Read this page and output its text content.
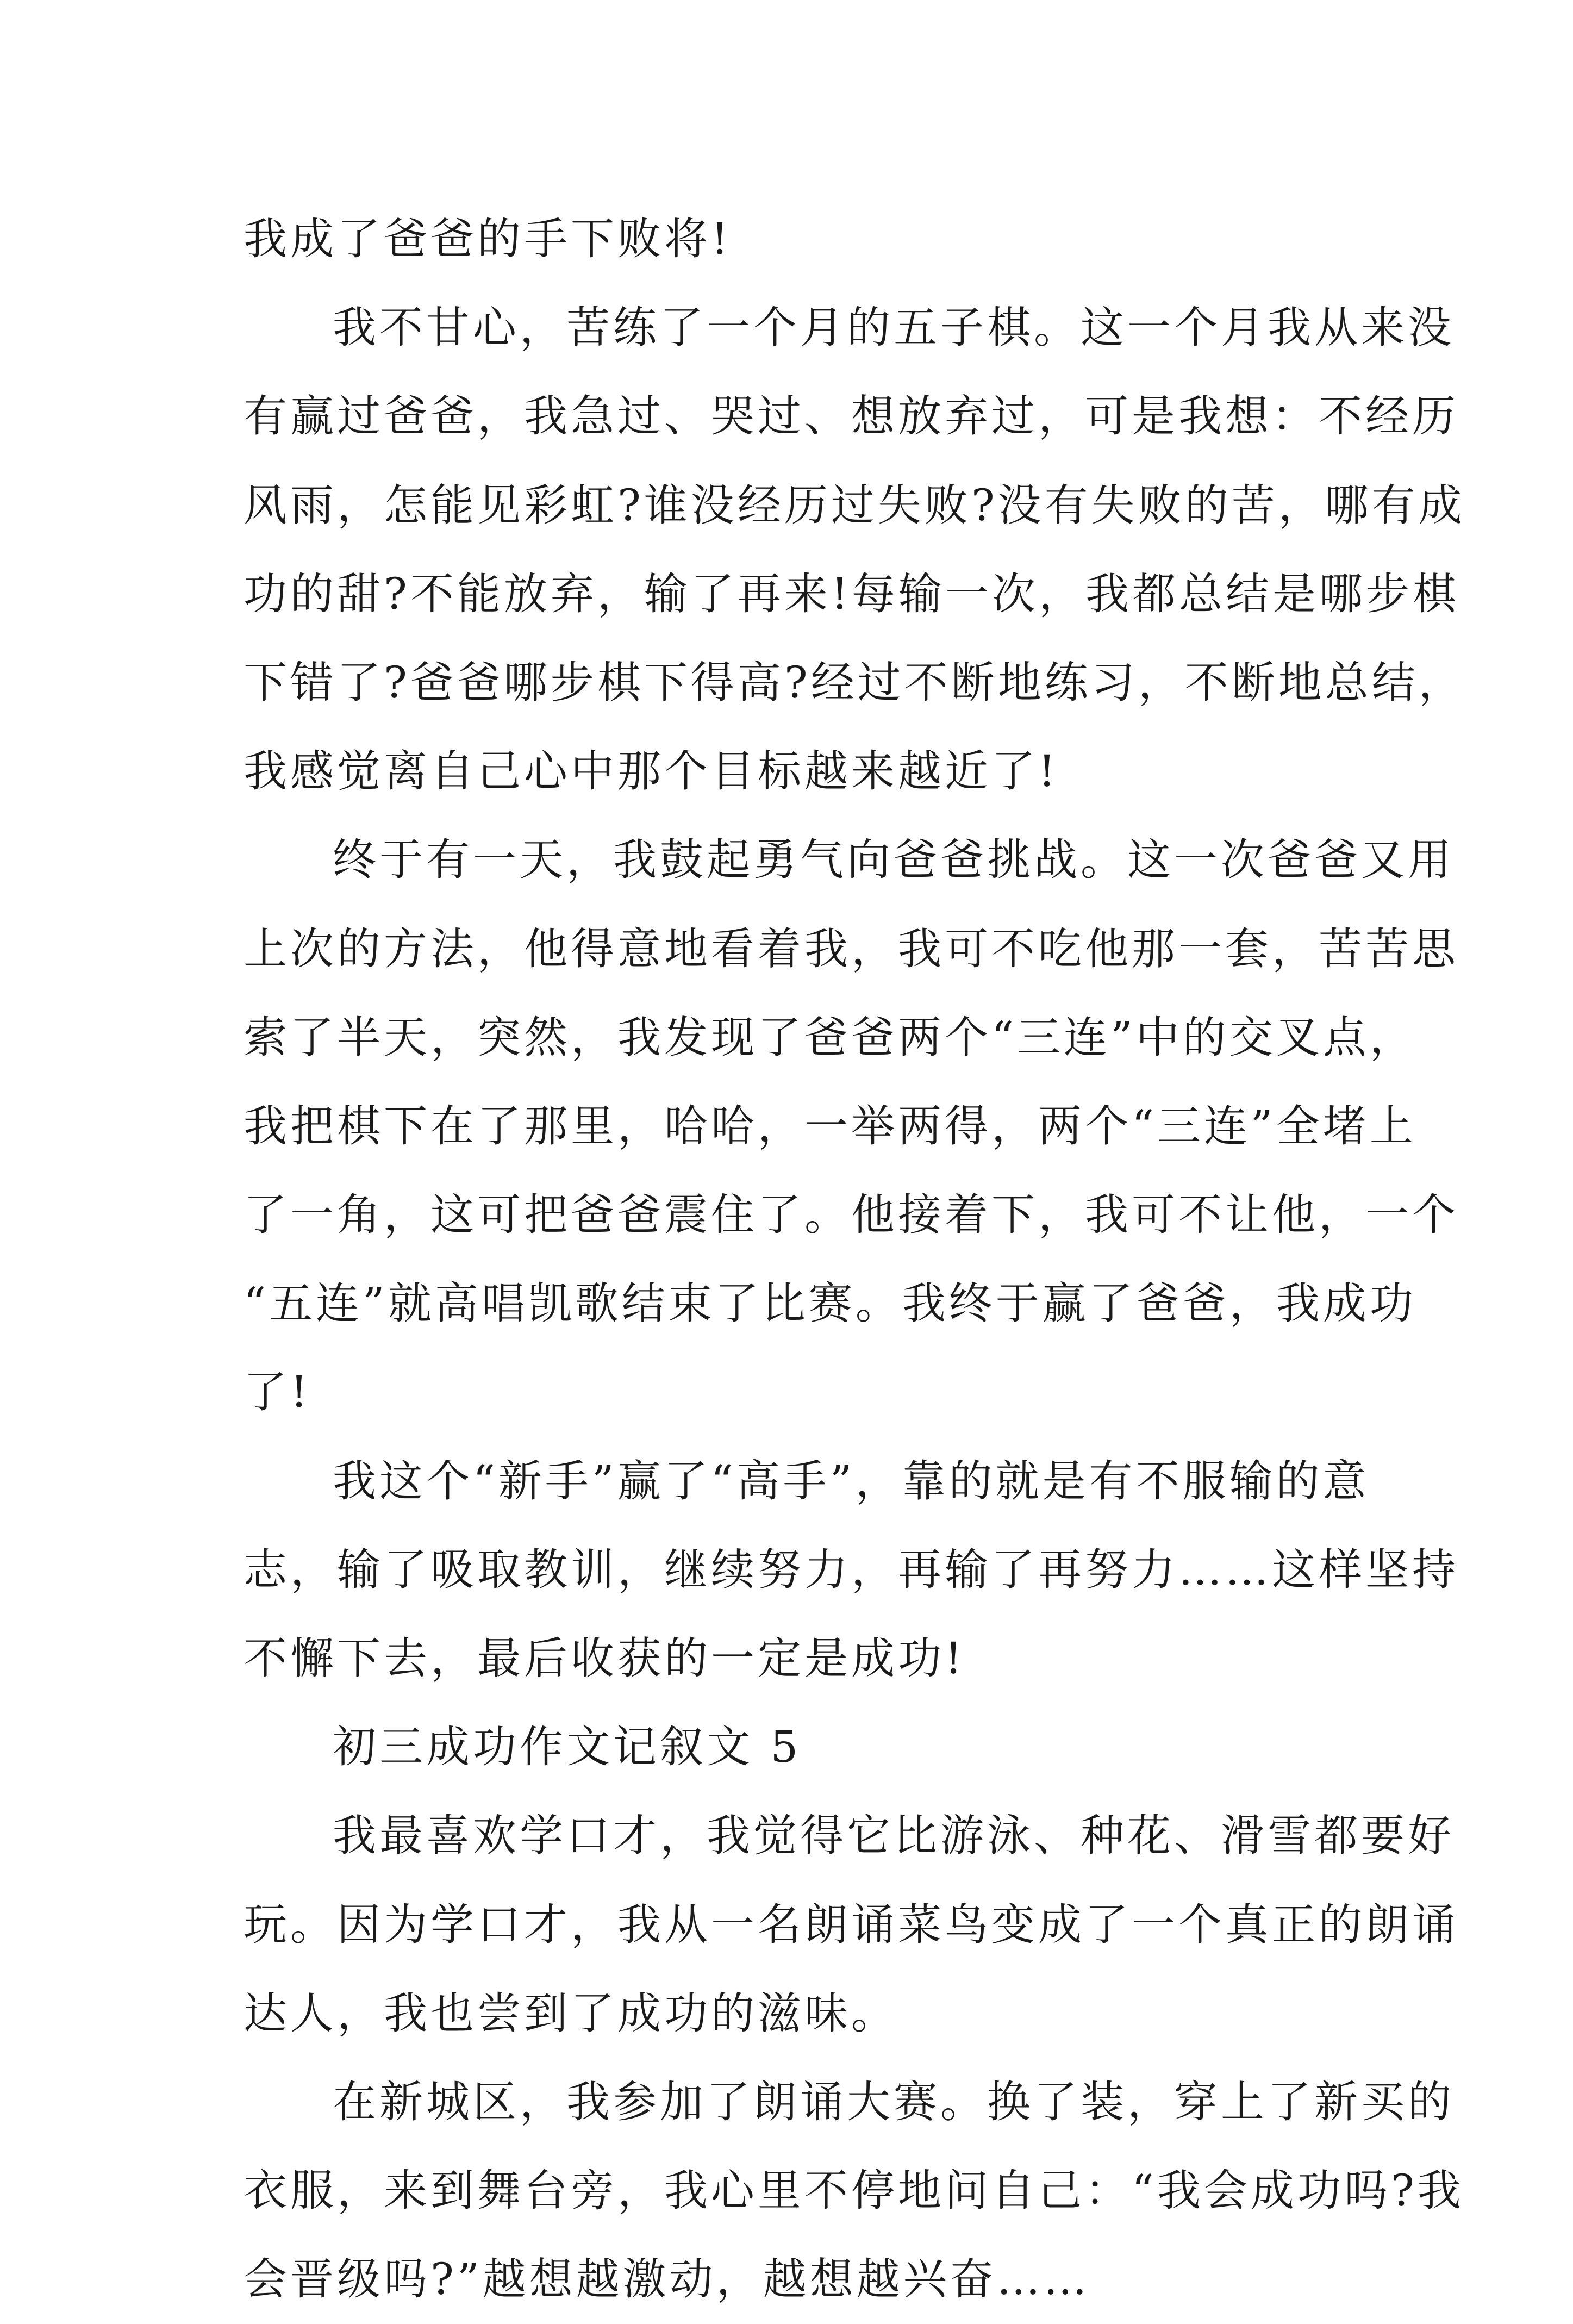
我成了爸爸的手下败将!
我不甘心，苦练了一个月的五子棋。这一个月我从来没
有赢过爸爸，我急过、哭过、想放弃过，可是我想：不经历
风雨，怎能见彩虹?谁没经历过失败?没有失败的苦，哪有成
功的甜?不能放弃，输了再来!每输一次，我都总结是哪步棋
下错了?爸爸哪步棋下得高?经过不断地练习，不断地总结，
我感觉离自己心中那个目标越来越近了!
终于有一天，我鼓起勇气向爸爸挑战。这一次爸爸又用
上次的方法，他得意地看着我，我可不吃他那一套，苦苦思
索了半天，突然，我发现了爸爸两个“三连”中的交叉点，
我把棋下在了那里，哈哈，一举两得，两个“三连”全堵上
了一角，这可把爸爸震住了。他接着下，我可不让他，一个
“五连”就高唱凯歌结束了比赛。我终于赢了爸爸，我成功
了!
我这个“新手”赢了“高手”，靠的就是有不服输的意
志，输了吸取教训，继续努力，再输了再努力……这样坚持
不懈下去，最后收获的一定是成功!
初三成功作文记叙文 5
我最喜欢学口才，我觉得它比游泳、种花、滑雪都要好
玩。因为学口才，我从一名朗诵菜鸟变成了一个真正的朗诵
达人，我也尝到了成功的滋味。
在新城区，我参加了朗诵大赛。换了装，穿上了新买的
衣服，来到舞台旁，我心里不停地问自己：“我会成功吗?我
会晋级吗?”越想越激动，越想越兴奋……
